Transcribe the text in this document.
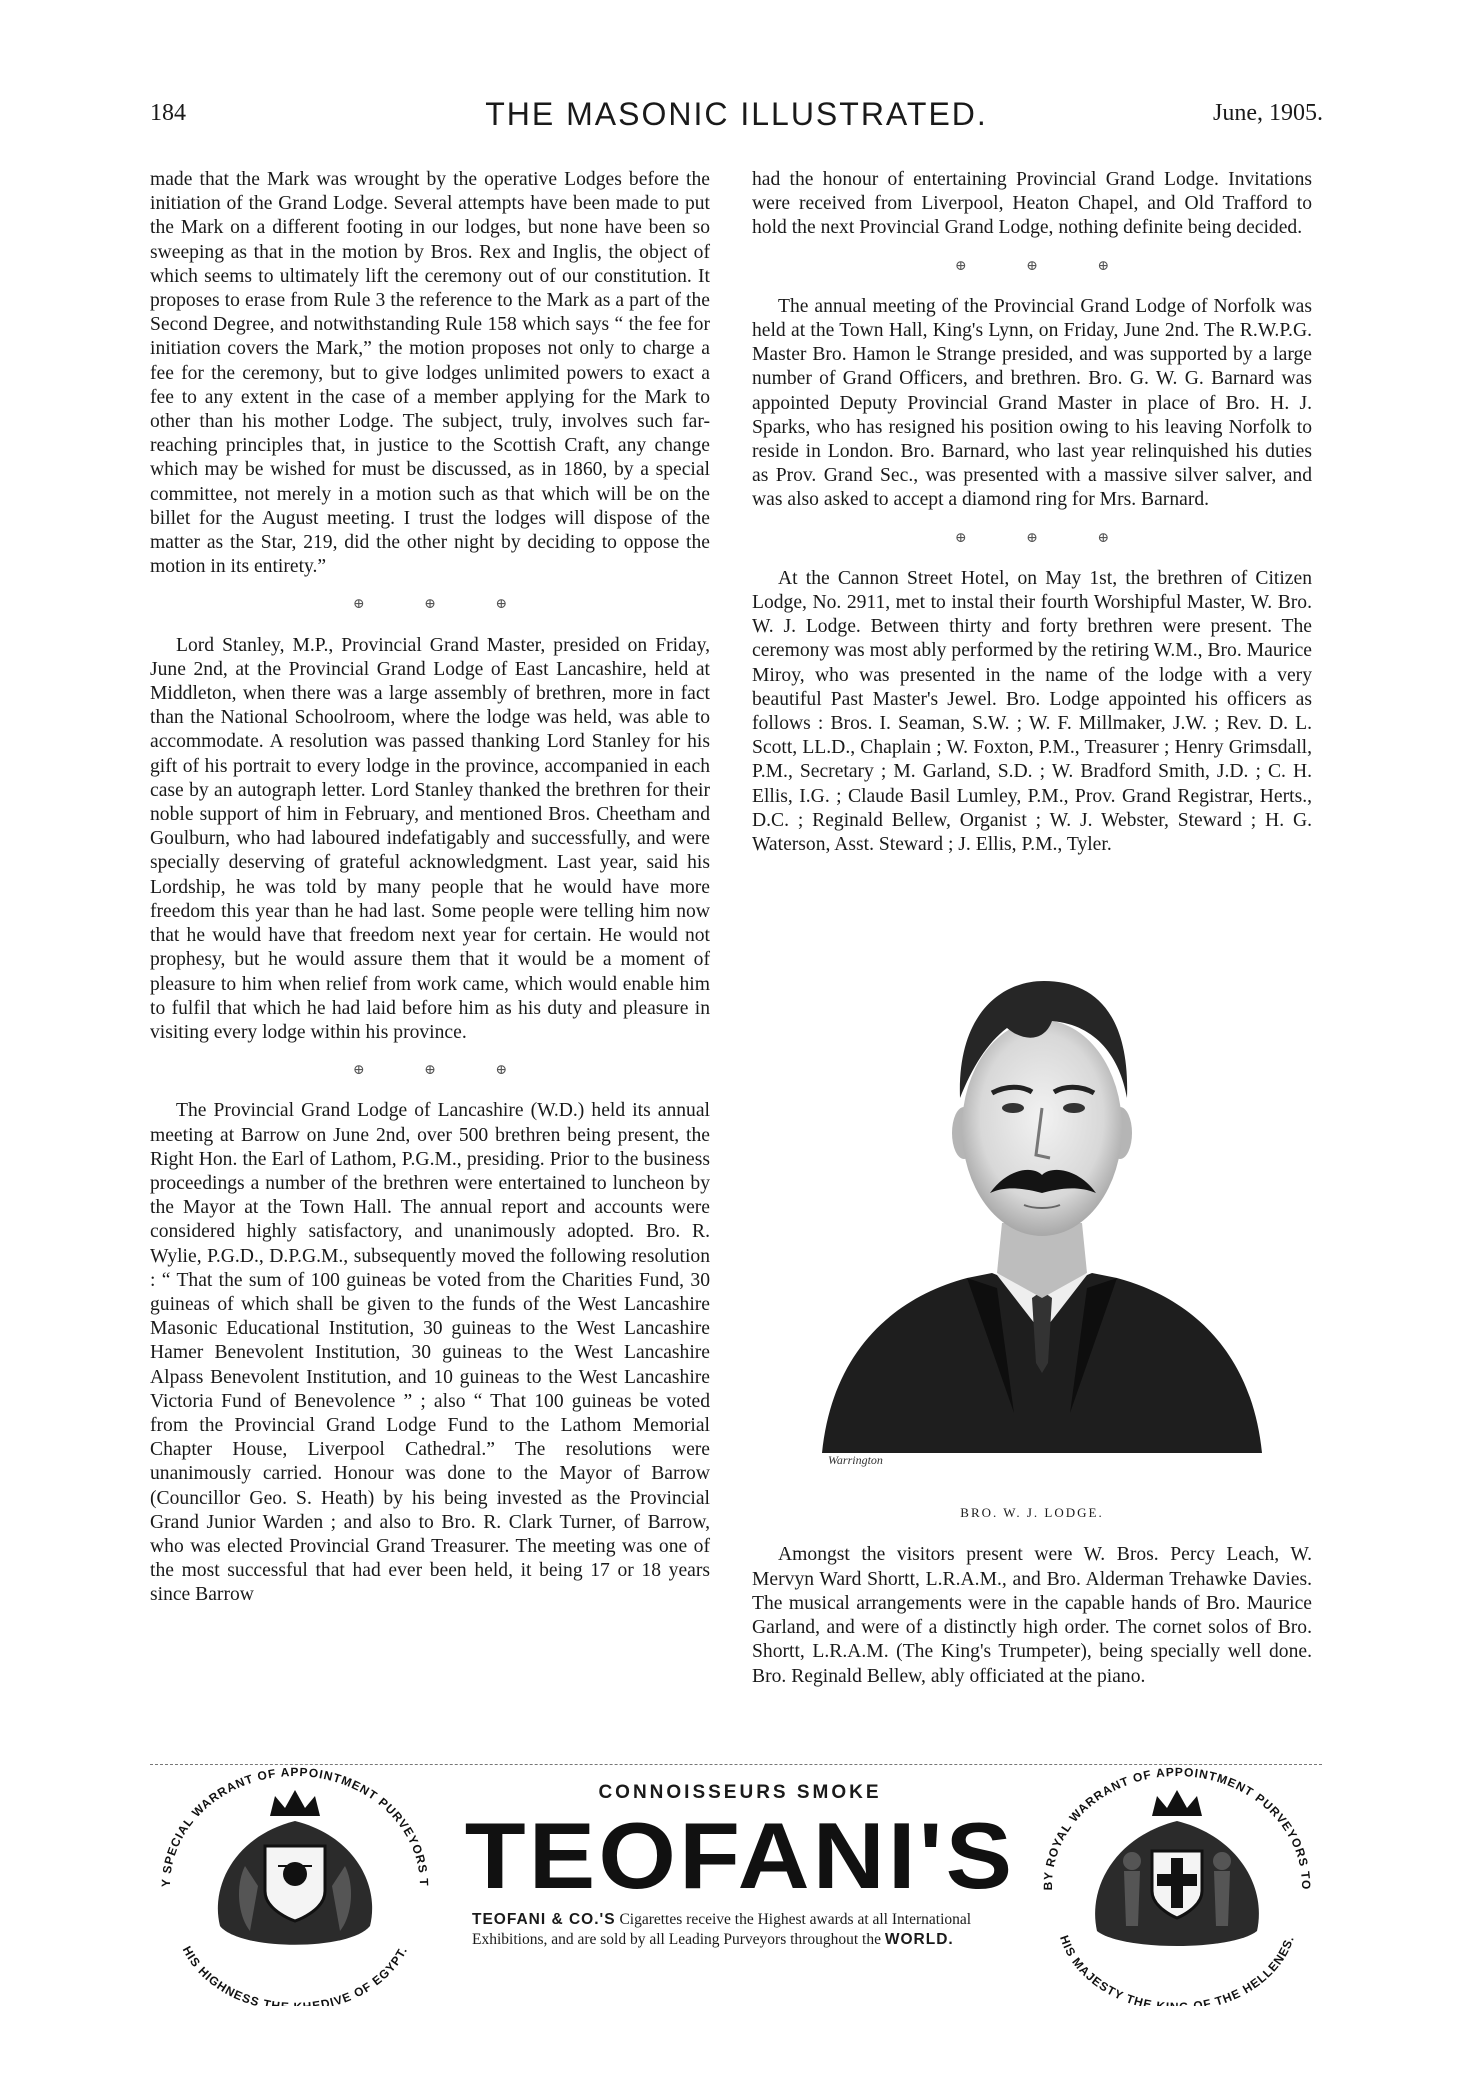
184	THE MASONIC ILLUSTRATED.	June, 1905.

made that the Mark was wrought by the operative Lodges before the initiation of the Grand Lodge. Several attempts have been made to put the Mark on a different footing in our lodges, but none have been so sweeping as that in the motion by Bros. Rex and Inglis, the object of which seems to ultimately lift the ceremony out of our constitution. It proposes to erase from Rule 3 the reference to the Mark as a part of the Second Degree, and notwithstanding Rule 158 which says “ the fee for initiation covers the Mark,” the motion proposes not only to charge a fee for the ceremony, but to give lodges unlimited powers to exact a fee to any extent in the case of a member applying for the Mark to other than his mother Lodge. The subject, truly, involves such far-reaching principles that, in justice to the Scottish Craft, any change which may be wished for must be discussed, as in 1860, by a special committee, not merely in a motion such as that which will be on the billet for the August meeting. I trust the lodges will dispose of the matter as the Star, 219, did the other night by deciding to oppose the motion in its entirety.”

⊕ ⊕ ⊕

Lord Stanley, M.P., Provincial Grand Master, presided on Friday, June 2nd, at the Provincial Grand Lodge of East Lancashire, held at Middleton, when there was a large assembly of brethren, more in fact than the National Schoolroom, where the lodge was held, was able to accommodate. A resolution was passed thanking Lord Stanley for his gift of his portrait to every lodge in the province, accompanied in each case by an autograph letter. Lord Stanley thanked the brethren for their noble support of him in February, and mentioned Bros. Cheetham and Goulburn, who had laboured indefatigably and successfully, and were specially deserving of grateful acknowledgment. Last year, said his Lordship, he was told by many people that he would have more freedom this year than he had last. Some people were telling him now that he would have that freedom next year for certain. He would not prophesy, but he would assure them that it would be a moment of pleasure to him when relief from work came, which would enable him to fulfil that which he had laid before him as his duty and pleasure in visiting every lodge within his province.

⊕ ⊕ ⊕

The Provincial Grand Lodge of Lancashire (W.D.) held its annual meeting at Barrow on June 2nd, over 500 brethren being present, the Right Hon. the Earl of Lathom, P.G.M., presiding. Prior to the business proceedings a number of the brethren were entertained to luncheon by the Mayor at the Town Hall. The annual report and accounts were considered highly satisfactory, and unanimously adopted. Bro. R. Wylie, P.G.D., D.P.G.M., subsequently moved the following resolution : “ That the sum of 100 guineas be voted from the Charities Fund, 30 guineas of which shall be given to the funds of the West Lancashire Masonic Educational Institution, 30 guineas to the West Lancashire Hamer Benevolent Institution, 30 guineas to the West Lancashire Alpass Benevolent Institution, and 10 guineas to the West Lancashire Victoria Fund of Benevolence ” ; also “ That 100 guineas be voted from the Provincial Grand Lodge Fund to the Lathom Memorial Chapter House, Liverpool Cathedral.” The resolutions were unanimously carried. Honour was done to the Mayor of Barrow (Councillor Geo. S. Heath) by his being invested as the Provincial Grand Junior Warden ; and also to Bro. R. Clark Turner, of Barrow, who was elected Provincial Grand Treasurer. The meeting was one of the most successful that had ever been held, it being 17 or 18 years since Barrow

had the honour of entertaining Provincial Grand Lodge. Invitations were received from Liverpool, Heaton Chapel, and Old Trafford to hold the next Provincial Grand Lodge, nothing definite being decided.

⊕ ⊕ ⊕

The annual meeting of the Provincial Grand Lodge of Norfolk was held at the Town Hall, King's Lynn, on Friday, June 2nd. The R.W.P.G. Master Bro. Hamon le Strange presided, and was supported by a large number of Grand Officers, and brethren. Bro. G. W. G. Barnard was appointed Deputy Provincial Grand Master in place of Bro. H. J. Sparks, who has resigned his position owing to his leaving Norfolk to reside in London. Bro. Barnard, who last year relinquished his duties as Prov. Grand Sec., was presented with a massive silver salver, and was also asked to accept a diamond ring for Mrs. Barnard.

⊕ ⊕ ⊕

At the Cannon Street Hotel, on May 1st, the brethren of Citizen Lodge, No. 2911, met to instal their fourth Worshipful Master, W. Bro. W. J. Lodge. Between thirty and forty brethren were present. The ceremony was most ably performed by the retiring W.M., Bro. Maurice Miroy, who was presented in the name of the lodge with a very beautiful Past Master's Jewel. Bro. Lodge appointed his officers as follows : Bros. I. Seaman, S.W. ; W. F. Millmaker, J.W. ; Rev. D. L. Scott, LL.D., Chaplain ; W. Foxton, P.M., Treasurer ; Henry Grimsdall, P.M., Secretary ; M. Garland, S.D. ; W. Bradford Smith, J.D. ; C. H. Ellis, I.G. ; Claude Basil Lumley, P.M., Prov. Grand Registrar, Herts., D.C. ; Reginald Bellew, Organist ; W. J. Webster, Steward ; H. G. Waterson, Asst. Steward ; J. Ellis, P.M., Tyler.

Warrington
BRO. W. J. LODGE.

Amongst the visitors present were W. Bros. Percy Leach, W. Mervyn Ward Shortt, L.R.A.M., and Bro. Alderman Trehawke Davies. The musical arrangements were in the capable hands of Bro. Maurice Garland, and were of a distinctly high order. The cornet solos of Bro. Shortt, L.R.A.M. (The King's Trumpeter), being specially well done. Bro. Reginald Bellew, ably officiated at the piano.

Y SPECIAL WARRANT OF APPOINTMENT PURVEYORS T
HIS HIGHNESS TH EDIVE OF EGYPT.
CONNOISSEURS SMOKE
TEOFANI'S
TEOFANI & CO.'S Cigarettes receive the Highest awards at all International Exhibitions, and are sold by all Leading Purveyors throughout the WORLD.
BY ROYAL WARRANT OF APPOINTMENT PURVEYORS TO
HIS MAJESTY THE OF THE HELLENES.
